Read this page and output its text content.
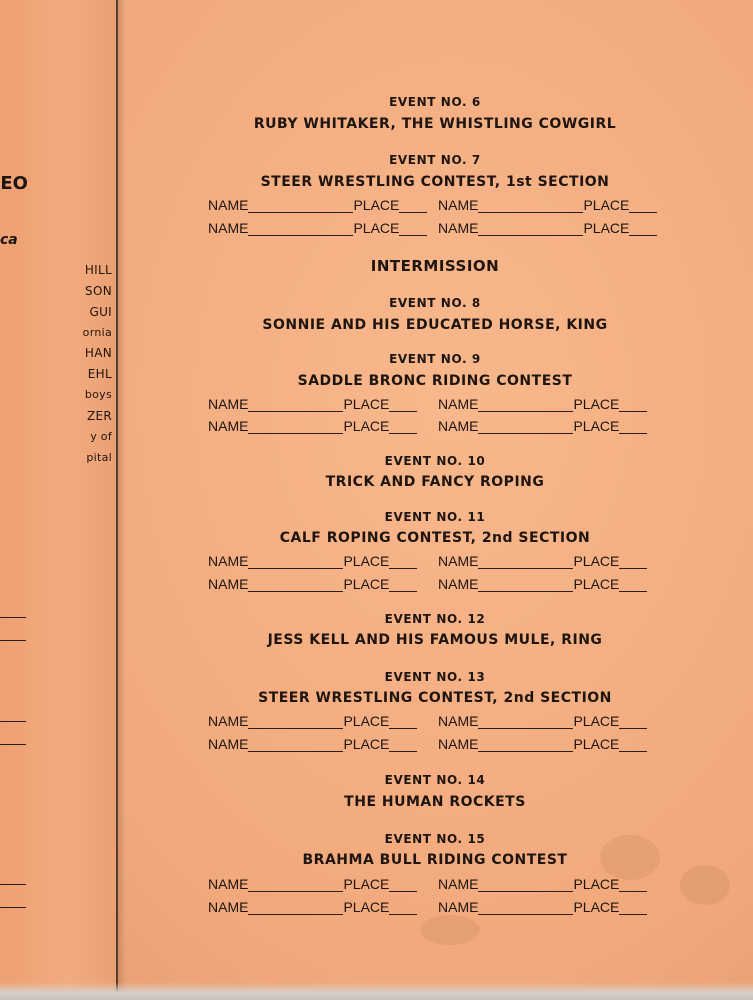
EO
ca
HILL
SON
GUI
ornia
HAN
EHL
boys
ZER
y of
pital
EVENT NO. 6
RUBY WHITAKER, THE WHISTLING COWGIRL
EVENT NO. 7
STEER WRESTLING CONTEST, 1st SECTION
NAME	PLACE	NAME	PLACE
NAME	PLACE	NAME	PLACE
INTERMISSION
EVENT NO. 8
SONNIE AND HIS EDUCATED HORSE, KING
EVENT NO. 9
SADDLE BRONC RIDING CONTEST
NAME	PLACE	NAME	PLACE
NAME	PLACE	NAME	PLACE
EVENT NO. 10
TRICK AND FANCY ROPING
EVENT NO. 11
CALF ROPING CONTEST, 2nd SECTION
NAME	PLACE	NAME	PLACE
NAME	PLACE	NAME	PLACE
EVENT NO. 12
JESS KELL AND HIS FAMOUS MULE, RING
EVENT NO. 13
STEER WRESTLING CONTEST, 2nd SECTION
NAME	PLACE	NAME	PLACE
NAME	PLACE	NAME	PLACE
EVENT NO. 14
THE HUMAN ROCKETS
EVENT NO. 15
BRAHMA BULL RIDING CONTEST
NAME	PLACE	NAME	PLACE
NAME	PLACE	NAME	PLACE
